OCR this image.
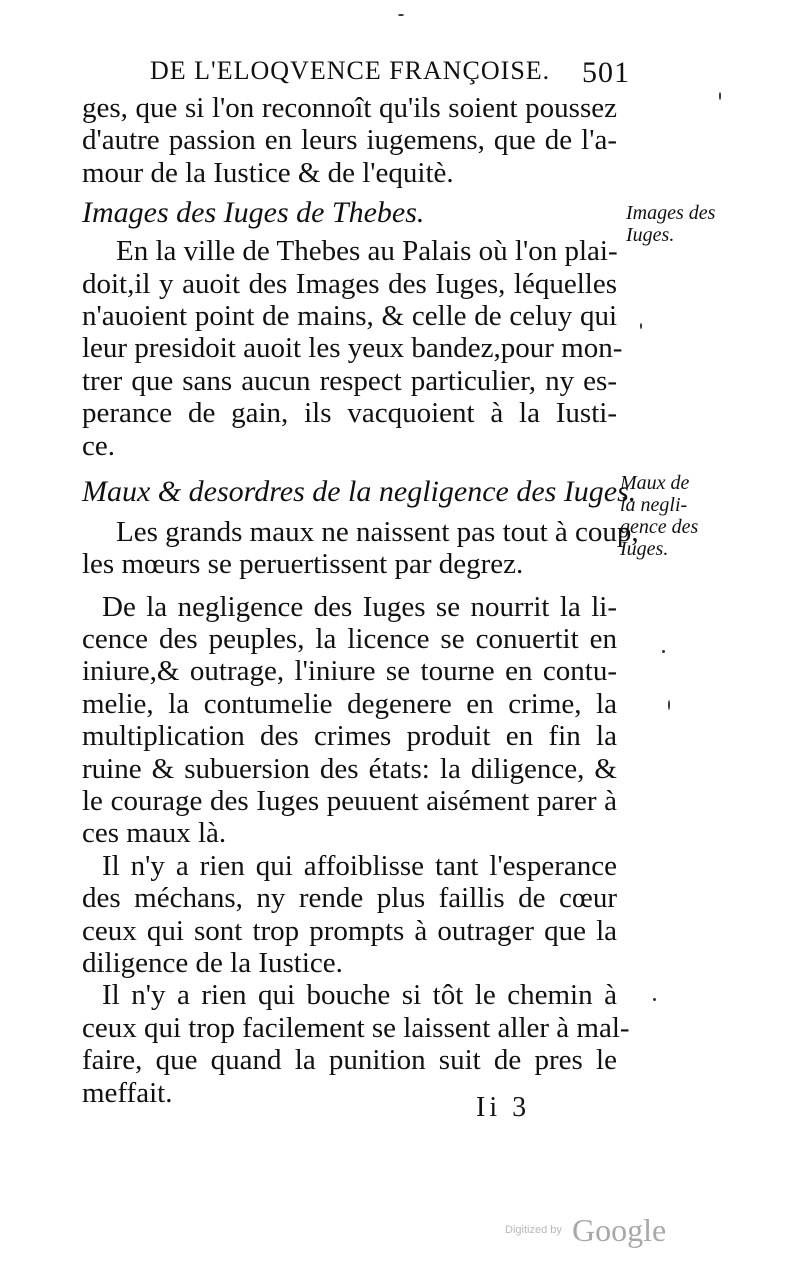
DE L'ELOQVENCE FRANÇOISE. 501
ges, que si l'on reconnoît qu'ils soient poussez
d'autre passion en leurs iugemens, que de l'a-
mour de la Iustice & de l'equitè.
Images des Iuges de Thebes.
En la ville de Thebes au Palais où l'on plai-
doit,il y auoit des Images des Iuges, léquelles
n'auoient point de mains, & celle de celuy qui
leur presidoit auoit les yeux bandez,pour mon-
trer que sans aucun respect particulier, ny es-
perance de gain, ils vacquoient à la Iusti-
ce.
Maux & desordres de la negligence des Iuges.
Les grands maux ne naissent pas tout à coup,
les mœurs se peruertissent par degrez.
De la negligence des Iuges se nourrit la li-
cence des peuples, la licence se conuertit en
iniure,& outrage, l'iniure se tourne en contu-
melie, la contumelie degenere en crime, la
multiplication des crimes produit en fin la
ruine & subuersion des états: la diligence, &
le courage des Iuges peuuent aisément parer à
ces maux là.
Il n'y a rien qui affoiblisse tant l'esperance
des méchans, ny rende plus faillis de cœur
ceux qui sont trop prompts à outrager que la
diligence de la Iustice.
Il n'y a rien qui bouche si tôt le chemin à
ceux qui trop facilement se laissent aller à mal-
faire, que quand la punition suit de pres le
meffait.
Images des
Iuges.
Maux de
la negli-
gence des
Iuges.
Ii 3
Digitized by Google
